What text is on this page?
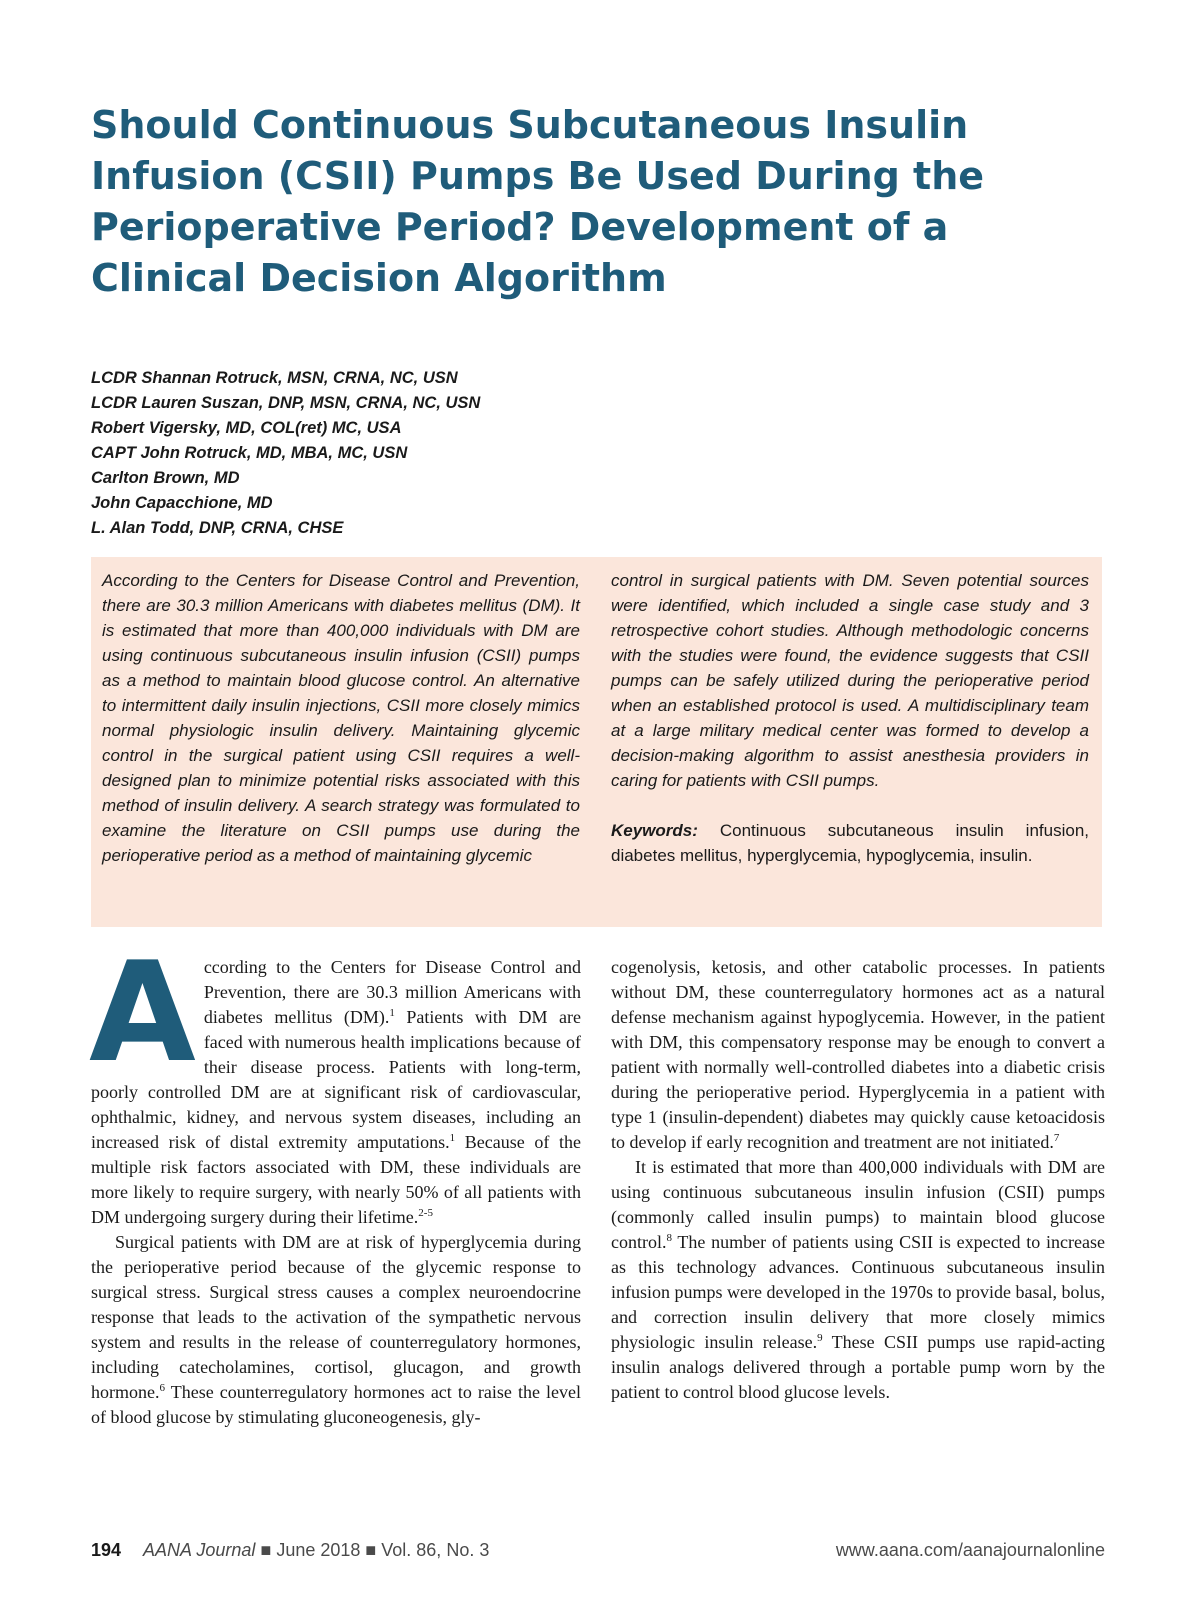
Should Continuous Subcutaneous Insulin Infusion (CSII) Pumps Be Used During the Perioperative Period? Development of a Clinical Decision Algorithm
LCDR Shannan Rotruck, MSN, CRNA, NC, USN
LCDR Lauren Suszan, DNP, MSN, CRNA, NC, USN
Robert Vigersky, MD, COL(ret) MC, USA
CAPT John Rotruck, MD, MBA, MC, USN
Carlton Brown, MD
John Capacchione, MD
L. Alan Todd, DNP, CRNA, CHSE

According to the Centers for Disease Control and Prevention, there are 30.3 million Americans with diabetes mellitus (DM). It is estimated that more than 400,000 individuals with DM are using continuous subcutaneous insulin infusion (CSII) pumps as a method to maintain blood glucose control. An alternative to intermittent daily insulin injections, CSII more closely mimics normal physiologic insulin delivery. Maintaining glycemic control in the surgical patient using CSII requires a well-designed plan to minimize potential risks associated with this method of insulin delivery. A search strategy was formulated to examine the literature on CSII pumps use during the perioperative period as a method of maintaining glycemic

control in surgical patients with DM. Seven potential sources were identified, which included a single case study and 3 retrospective cohort studies. Although methodologic concerns with the studies were found, the evidence suggests that CSII pumps can be safely utilized during the perioperative period when an established protocol is used. A multidisciplinary team at a large military medical center was formed to develop a decision-making algorithm to assist anesthesia providers in caring for patients with CSII pumps.

Keywords: Continuous subcutaneous insulin infusion, diabetes mellitus, hyperglycemia, hypoglycemia, insulin.

According to the Centers for Disease Control and Prevention, there are 30.3 million Americans with diabetes mellitus (DM).$^1$ Patients with DM are faced with numerous health implications because of their disease process. Patients with long-term, poorly controlled DM are at significant risk of cardiovascular, ophthalmic, kidney, and nervous system diseases, including an increased risk of distal extremity amputations.$^1$ Because of the multiple risk factors associated with DM, these individuals are more likely to require surgery, with nearly 50% of all patients with DM undergoing surgery during their lifetime.$^{2-5}$

Surgical patients with DM are at risk of hyperglycemia during the perioperative period because of the glycemic response to surgical stress. Surgical stress causes a complex neuroendocrine response that leads to the activation of the sympathetic nervous system and results in the release of counterregulatory hormones, including catecholamines, cortisol, glucagon, and growth hormone.$^6$ These counterregulatory hormones act to raise the level of blood glucose by stimulating gluconeogenesis, gly-

cogenolysis, ketosis, and other catabolic processes. In patients without DM, these counterregulatory hormones act as a natural defense mechanism against hypoglycemia. However, in the patient with DM, this compensatory response may be enough to convert a patient with normally well-controlled diabetes into a diabetic crisis during the perioperative period. Hyperglycemia in a patient with type 1 (insulin-dependent) diabetes may quickly cause ketoacidosis to develop if early recognition and treatment are not initiated.$^7$

It is estimated that more than 400,000 individuals with DM are using continuous subcutaneous insulin infusion (CSII) pumps (commonly called insulin pumps) to maintain blood glucose control.$^8$ The number of patients using CSII is expected to increase as this technology advances. Continuous subcutaneous insulin infusion pumps were developed in the 1970s to provide basal, bolus, and correction insulin delivery that more closely mimics physiologic insulin release.$^9$ These CSII pumps use rapid-acting insulin analogs delivered through a portable pump worn by the patient to control blood glucose levels.

194 AANA Journal ■ June 2018 ■ Vol. 86, No. 3	www.aana.com/aanajournalonline
